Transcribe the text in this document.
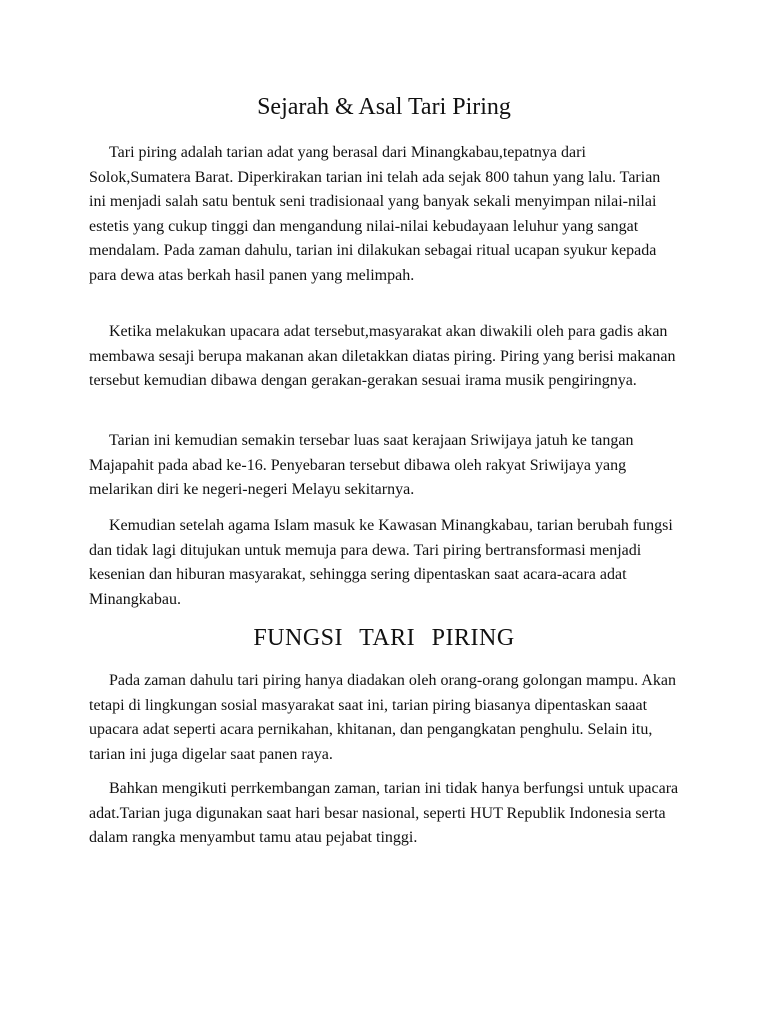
Sejarah & Asal Tari Piring

Tari piring adalah tarian adat yang berasal dari Minangkabau,tepatnya dari Solok,Sumatera Barat. Diperkirakan tarian ini telah ada sejak 800 tahun yang lalu. Tarian ini menjadi salah satu bentuk seni tradisionaal yang banyak sekali menyimpan nilai-nilai estetis yang cukup tinggi dan mengandung nilai-nilai kebudayaan leluhur yang sangat mendalam. Pada zaman dahulu, tarian ini dilakukan sebagai ritual ucapan syukur kepada para dewa atas berkah hasil panen yang melimpah.

Ketika melakukan upacara adat tersebut,masyarakat akan diwakili oleh para gadis akan membawa sesaji berupa makanan akan diletakkan diatas piring. Piring yang berisi makanan tersebut kemudian dibawa dengan gerakan-gerakan sesuai irama musik pengiringnya.

Tarian ini kemudian semakin tersebar luas saat kerajaan Sriwijaya jatuh ke tangan Majapahit pada abad ke-16. Penyebaran tersebut dibawa oleh rakyat Sriwijaya yang melarikan diri ke negeri-negeri Melayu sekitarnya.

Kemudian setelah agama Islam masuk ke Kawasan Minangkabau, tarian berubah fungsi dan tidak lagi ditujukan untuk memuja para dewa. Tari piring bertransformasi menjadi kesenian dan hiburan masyarakat, sehingga sering dipentaskan saat acara-acara adat Minangkabau.

FUNGSI TARI PIRING

Pada zaman dahulu tari piring hanya diadakan oleh orang-orang golongan mampu. Akan tetapi di lingkungan sosial masyarakat saat ini, tarian piring biasanya dipentaskan saaat upacara adat seperti acara pernikahan, khitanan, dan pengangkatan penghulu. Selain itu, tarian ini juga digelar saat panen raya.

Bahkan mengikuti perrkembangan zaman, tarian ini tidak hanya berfungsi untuk upacara adat.Tarian juga digunakan saat hari besar nasional, seperti HUT Republik Indonesia serta dalam rangka menyambut tamu atau pejabat tinggi.
